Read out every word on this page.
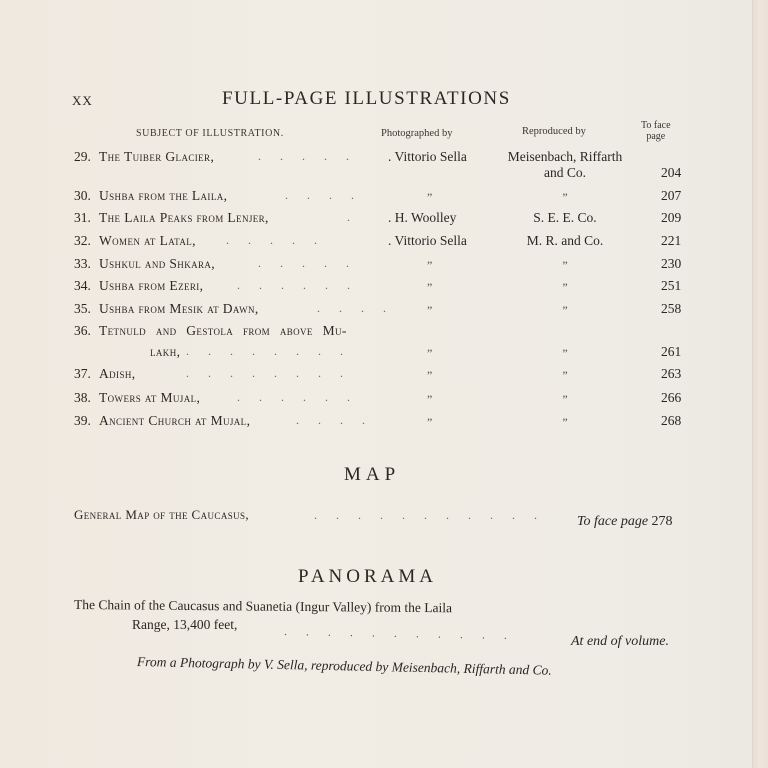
XX	FULL-PAGE ILLUSTRATIONS
SUBJECT OF ILLUSTRATION.	Photographed by	Reproduced by
To face
page
29. The Tuiber Glacier,	. . . . .	. Vittorio Sella	Meisenbach, Riffarth
and Co.	204
30. Ushba from the Laila,	. . . .	”	”	207
31. The Laila Peaks from Lenjer,	.	. H. Woolley	S. E. E. Co.	209
32. Women at Latal,	. . . . .	. Vittorio Sella	M. R. and Co.	221
33. Ushkul and Shkara,	. . . . .	”	”	230
34. Ushba from Ezeri,	. . . . . .	”	”	251
35. Ushba from Mesik at Dawn,	. . . .	”	”	258
36. Tetnuld and Gestola from above Mu-
lakh, . . . . . . . .	”	”	261
37. Adish,	. . . . . . . .	”	”	263
38. Towers at Mujal,	. . . . . .	”	”	266
39. Ancient Church at Mujal,	. . . .	”	”	268
MAP
General Map of the Caucasus,	. . . . . . . . . . .	To face page 278
PANORAMA
The Chain of the Caucasus and Suanetia (Ingur Valley) from the Laila
Range, 13,400 feet,	. . . . . . . . . . .	At end of volume.
From a Photograph by V. Sella, reproduced by Meisenbach, Riffarth and Co.
